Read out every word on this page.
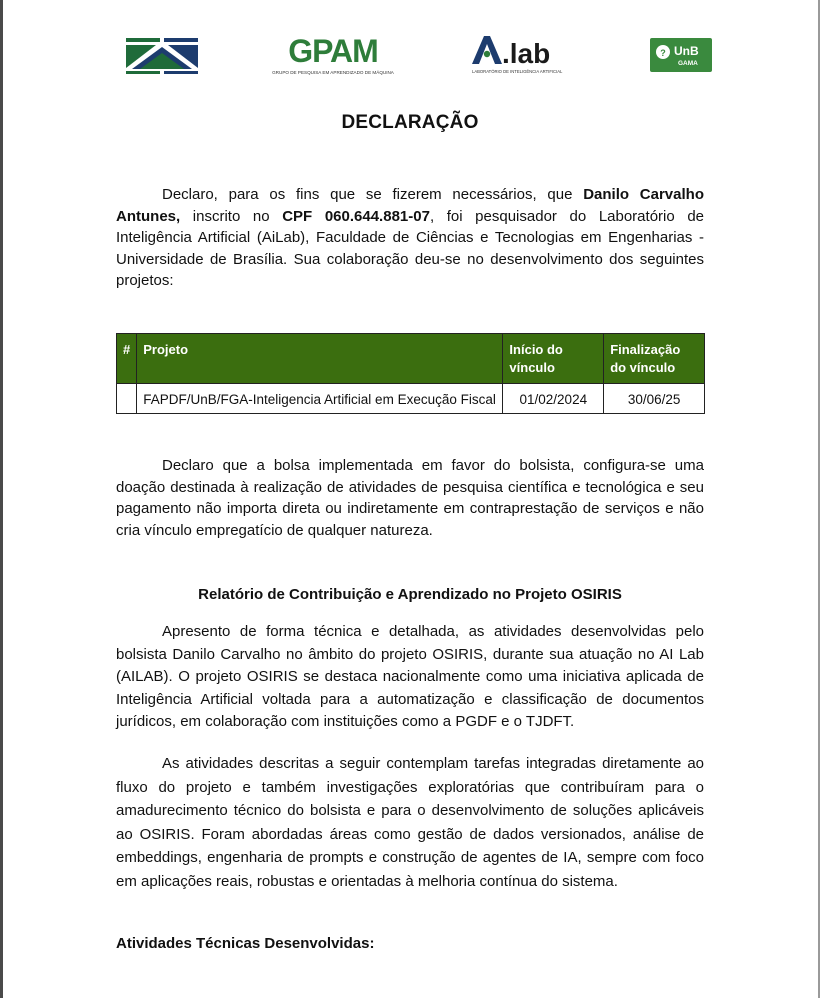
GPAM
GRUPO DE PESQUISA EM APRENDIZADO DE MÁQUINA
.lab
LABORATÓRIO DE INTELIGÊNCIA ARTIFICIAL
? UnB
GAMA
DECLARAÇÃO

Declaro, para os fins que se fizerem necessários, que Danilo Carvalho Antunes, inscrito no CPF 060.644.881-07, foi pesquisador do Laboratório de Inteligência Artificial (AiLab), Faculdade de Ciências e Tecnologias em Engenharias - Universidade de Brasília. Sua colaboração deu-se no desenvolvimento dos seguintes projetos:

#	Projeto	Início do vínculo	Finalização do vínculo
	FAPDF/UnB/FGA-Inteligencia Artificial em Execução Fiscal	01/02/2024	30/06/25

Declaro que a bolsa implementada em favor do bolsista, configura-se uma doação destinada à realização de atividades de pesquisa científica e tecnológica e seu pagamento não importa direta ou indiretamente em contraprestação de serviços e não cria vínculo empregatício de qualquer natureza.

Relatório de Contribuição e Aprendizado no Projeto OSIRIS

Apresento de forma técnica e detalhada, as atividades desenvolvidas pelo bolsista Danilo Carvalho no âmbito do projeto OSIRIS, durante sua atuação no AI Lab (AILAB). O projeto OSIRIS se destaca nacionalmente como uma iniciativa aplicada de Inteligência Artificial voltada para a automatização e classificação de documentos jurídicos, em colaboração com instituições como a PGDF e o TJDFT.

As atividades descritas a seguir contemplam tarefas integradas diretamente ao fluxo do projeto e também investigações exploratórias que contribuíram para o amadurecimento técnico do bolsista e para o desenvolvimento de soluções aplicáveis ao OSIRIS. Foram abordadas áreas como gestão de dados versionados, análise de embeddings, engenharia de prompts e construção de agentes de IA, sempre com foco em aplicações reais, robustas e orientadas à melhoria contínua do sistema.

Atividades Técnicas Desenvolvidas:
